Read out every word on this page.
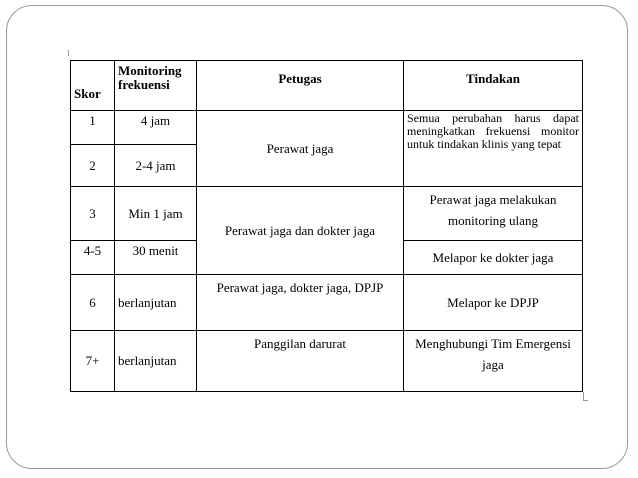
Skor	Monitoring frekuensi	Petugas	Tindakan
1	4 jam	Perawat jaga	Semua perubahan harus dapat meningkatkan frekuensi monitor untuk tindakan klinis yang tepat
2	2-4 jam		
3	Min 1 jam	Perawat jaga dan dokter jaga	Perawat jaga melakukan monitoring ulang
4-5	30 menit		Melapor ke dokter jaga
6	berlanjutan	Perawat jaga, dokter jaga, DPJP	Melapor ke DPJP
7+	berlanjutan	Panggilan darurat	Menghubungi Tim Emergensi jaga
